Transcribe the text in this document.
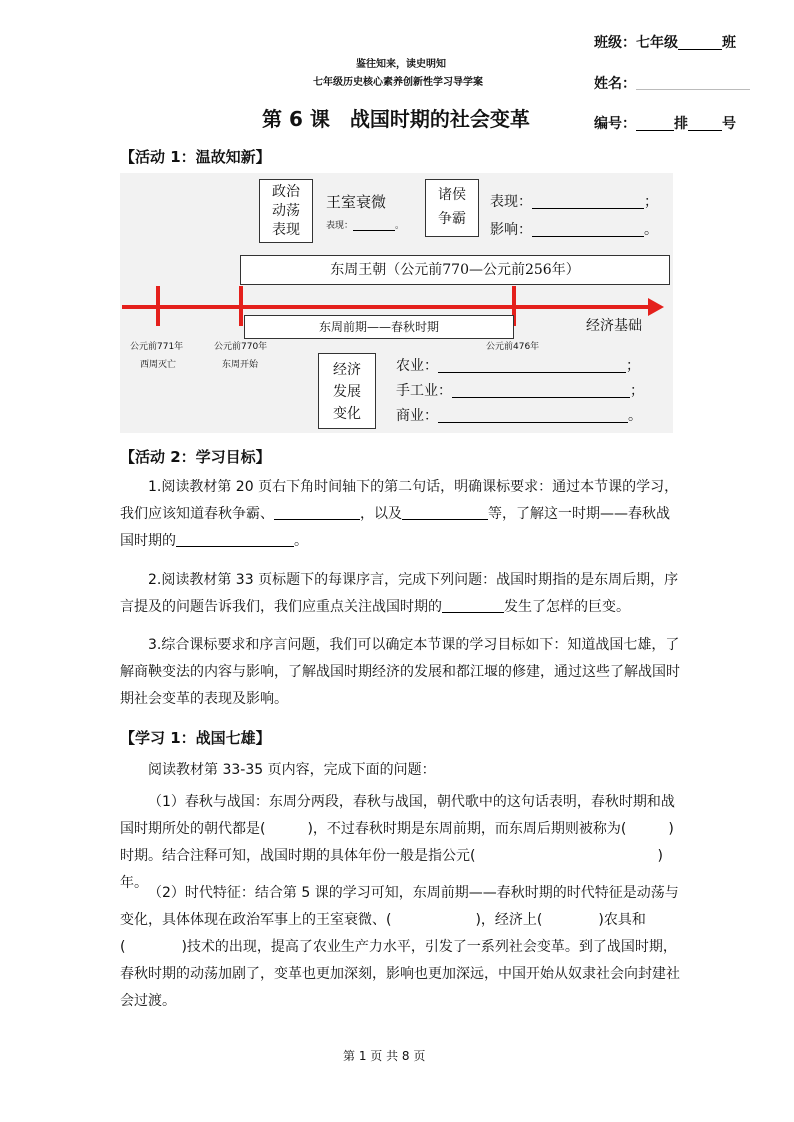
班级：七年级	班
姓名：
编号：	排 号
鉴往知来，读史明知
七年级历史核心素养创新性学习导学案
第 6 课　战国时期的社会变革
【活动 1：温故知新】
政治
动荡
表现
王室衰微
表现：	。
诸侯
争霸
表现：	；
影响：	。
东周王朝（公元前770—公元前256年）
东周前期——春秋时期	经济基础
公元前771年
西周灭亡
公元前770年
东周开始
公元前476年
经济
发展
变化
农业：	；
手工业：	；
商业：	。
【活动 2：学习目标】
1.阅读教材第 20 页右下角时间轴下的第二句话，明确课标要求：通过本节课的学习，我们应该知道春秋争霸、	，以及	等，了解这一时期——春秋战国时期的	。
2.阅读教材第 33 页标题下的每课序言，完成下列问题：战国时期指的是东周后期，序言提及的问题告诉我们，我们应重点关注战国时期的	发生了怎样的巨变。
3.综合课标要求和序言问题，我们可以确定本节课的学习目标如下：知道战国七雄，了解商鞅变法的内容与影响，了解战国时期经济的发展和都江堰的修建，通过这些了解战国时期社会变革的表现及影响。
【学习 1：战国七雄】
阅读教材第 33-35 页内容，完成下面的问题：
（1）春秋与战国：东周分两段，春秋与战国，朝代歌中的这句话表明，春秋时期和战国时期所处的朝代都是(　　　)，不过春秋时期是东周前期，而东周后期则被称为(　　　)时期。结合注释可知，战国时期的具体年份一般是指公元(　　　　　　　　　　　　　)年。
（2）时代特征：结合第 5 课的学习可知，东周前期——春秋时期的时代特征是动荡与变化，具体体现在政治军事上的王室衰微、(　　　　　　)，经济上(　　　　)农具和(　　　　)技术的出现，提高了农业生产力水平，引发了一系列社会变革。到了战国时期，春秋时期的动荡加剧了，变革也更加深刻，影响也更加深远，中国开始从奴隶社会向封建社会过渡。
第 1 页 共 8 页
